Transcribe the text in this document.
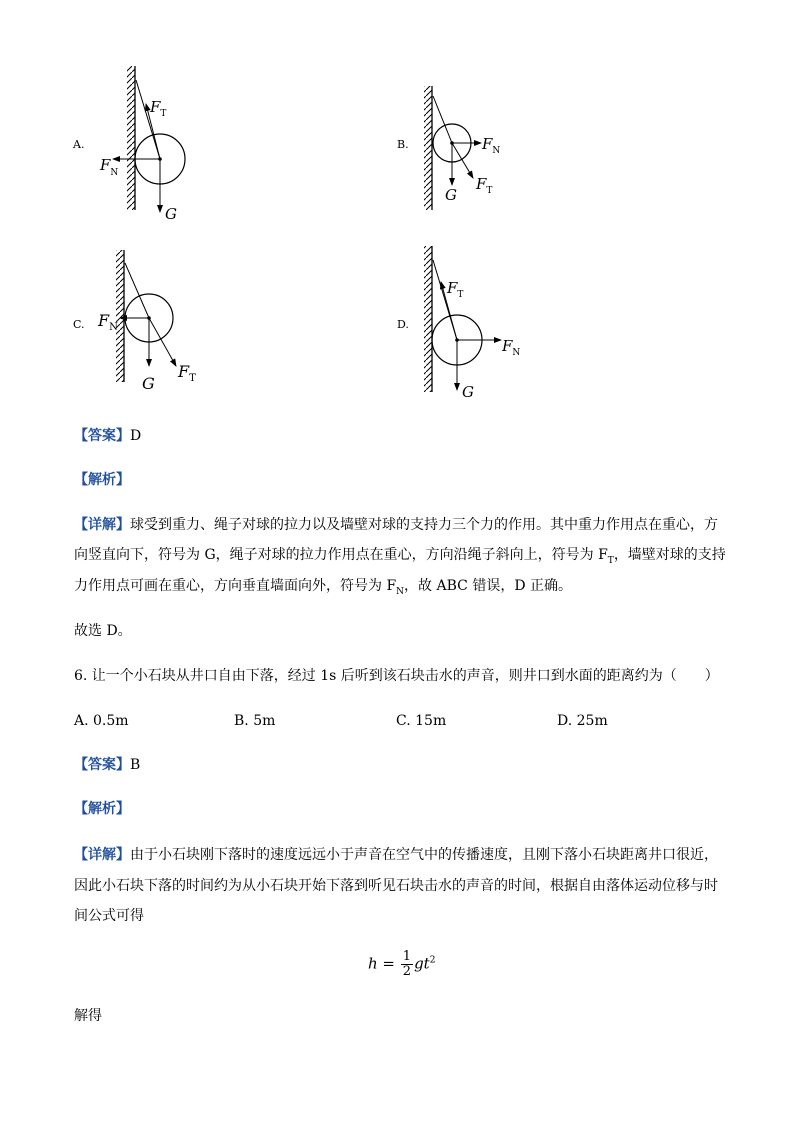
$F_T$
$F_N$
G
$F_N$
$F_T$
G
$F_N$
G
$F_T$
$F_T$
$F_N$
G
A.	B.
C.	D.
【答案】D
【解析】
【详解】球受到重力、绳子对球的拉力以及墙壁对球的支持力三个力的作用。其中重力作用点在重心，方
向竖直向下，符号为 G，绳子对球的拉力作用点在重心，方向沿绳子斜向上，符号为 $F_T$，墙壁对球的支持
力作用点可画在重心，方向垂直墙面向外，符号为 $F_N$，故 ABC 错误，D 正确。
故选 D。
6. 让一个小石块从井口自由下落，经过 1s 后听到该石块击水的声音，则井口到水面的距离约为（　　）
A. 0.5m	B. 5m	C. 15m	D. 25m
【答案】B
【解析】
【详解】由于小石块刚下落时的速度远远小于声音在空气中的传播速度，且刚下落小石块距离井口很近，
因此小石块下落的时间约为从小石块开始下落到听见石块击水的声音的时间，根据自由落体运动位移与时
间公式可得
$h = \frac{1}{2} gt^2$
解得
